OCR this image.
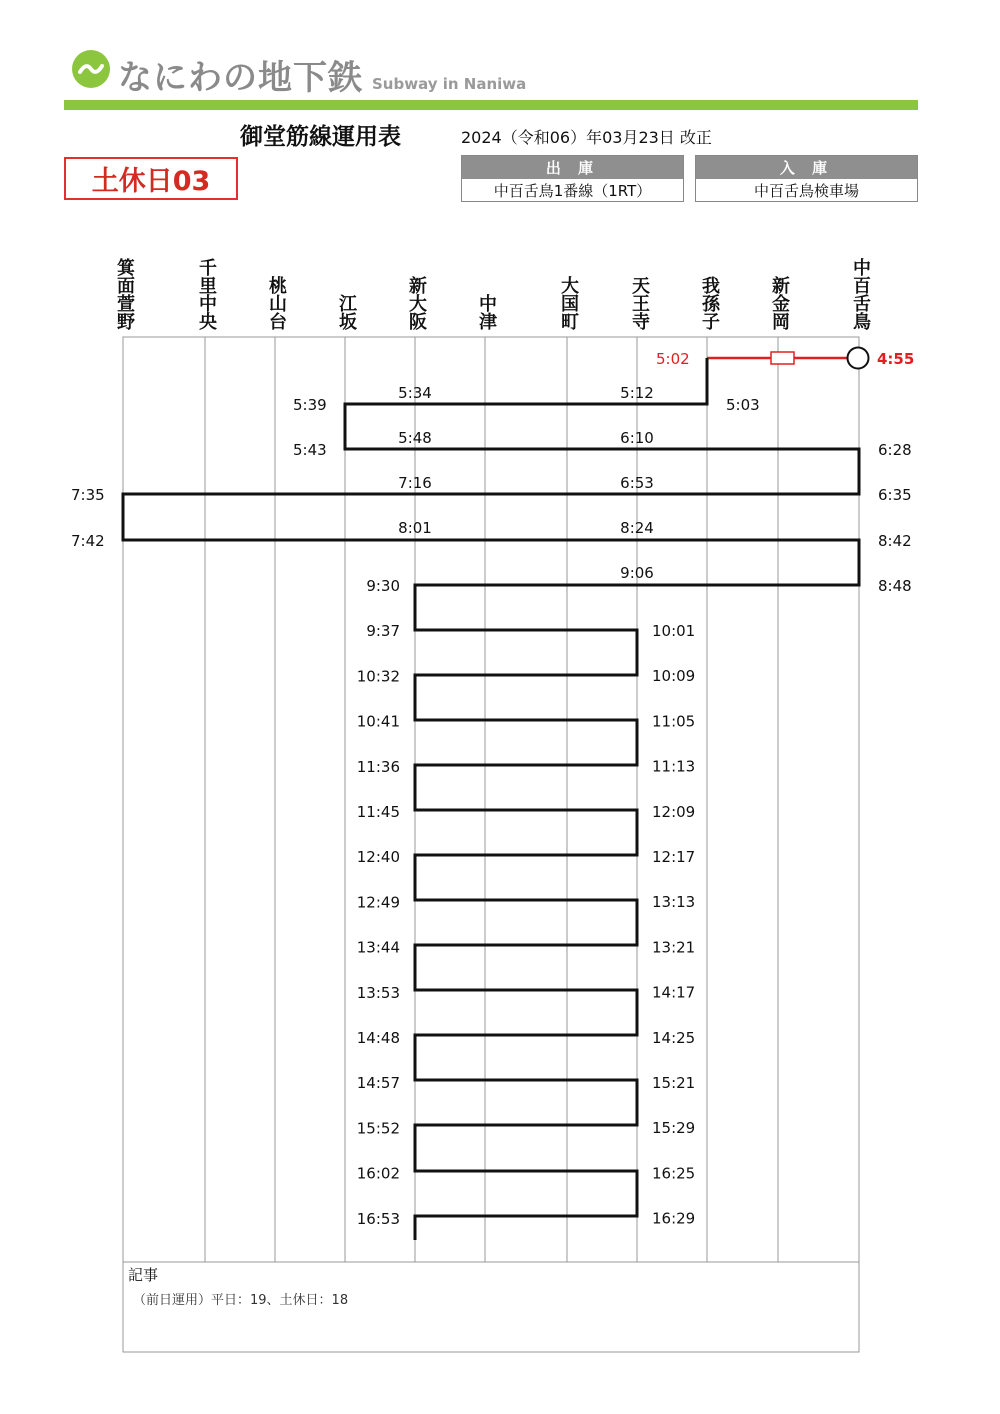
なにわの地下鉄 Subway in Naniwa
御堂筋線運用表	2024（令和06）年03月23日 改正
土休日03	出 庫
中百舌鳥1番線（1RT）
入 庫
中百舌鳥検車場
箕面萱野	千里中央	桃山台	江坂	新大阪	中津	大国町	天王寺	我孫子	新金岡	中百舌鳥
5:02	4:55
5:39
5:43
5:03
6:28
6:35
8:42
8:48
7:35
7:42
5:34
5:48
7:16
8:01
5:12
6:10
6:53
8:24
9:06
9:30
9:37
10:32
10:41
11:36
11:45
12:40
12:49
13:44
13:53
14:48
14:57
15:52
16:02
16:53
10:01
10:09
11:05
11:13
12:09
12:17
13:13
13:21
14:17
14:25
15:21
15:29
16:25
16:29
記事
（前日運用）平日：19、土休日：18
